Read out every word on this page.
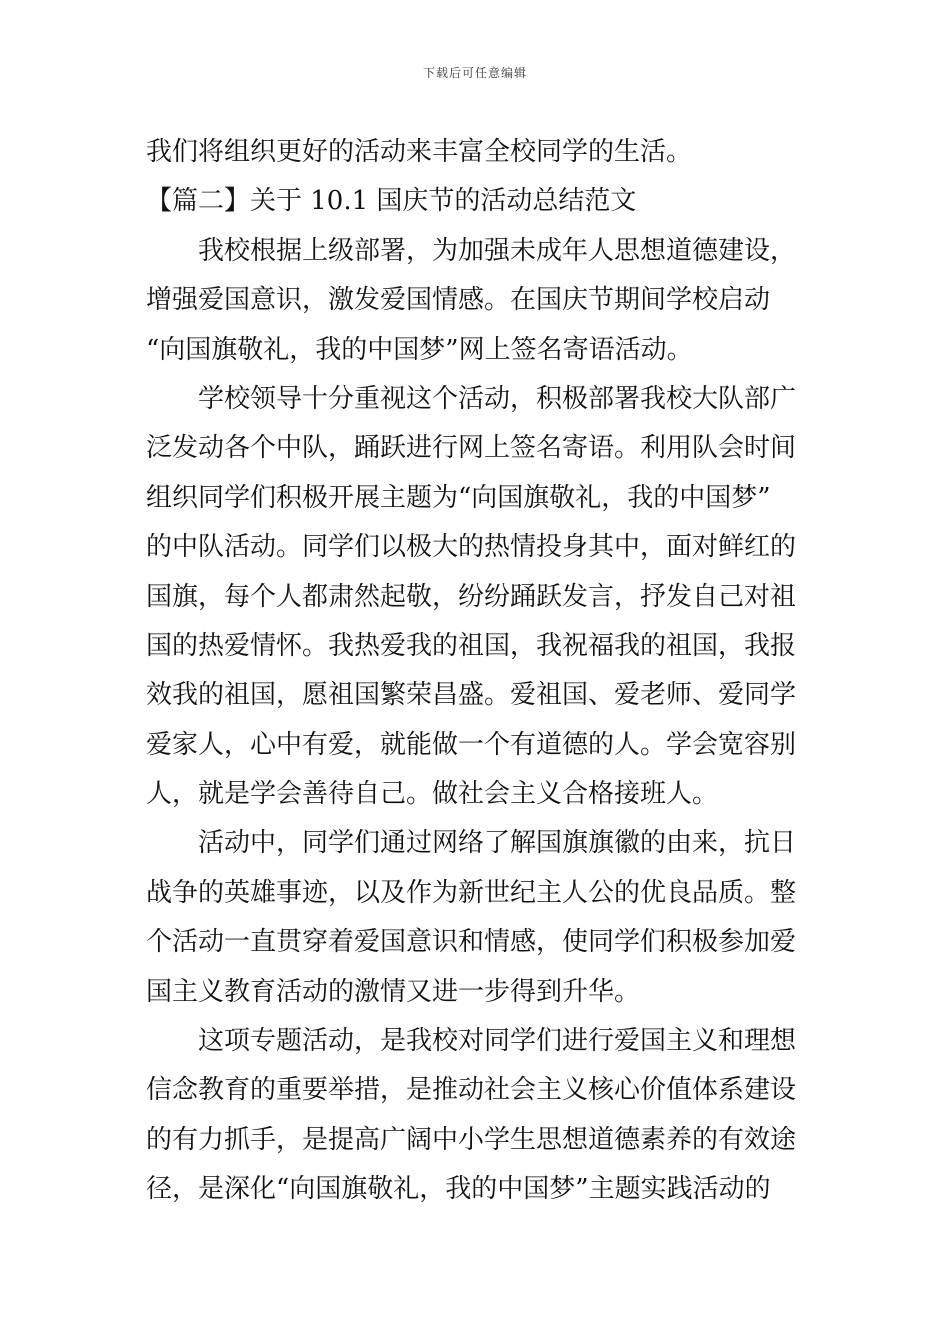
下载后可任意编辑
我们将组织更好的活动来丰富全校同学的生活。
【篇二】关于 10.1 国庆节的活动总结范文
我校根据上级部署，为加强未成年人思想道德建设，
增强爱国意识，激发爱国情感。在国庆节期间学校启动
“向国旗敬礼，我的中国梦”网上签名寄语活动。
学校领导十分重视这个活动，积极部署我校大队部广
泛发动各个中队，踊跃进行网上签名寄语。利用队会时间
组织同学们积极开展主题为“向国旗敬礼，我的中国梦”
的中队活动。同学们以极大的热情投身其中，面对鲜红的
国旗，每个人都肃然起敬，纷纷踊跃发言，抒发自己对祖
国的热爱情怀。我热爱我的祖国，我祝福我的祖国，我报
效我的祖国，愿祖国繁荣昌盛。爱祖国、爱老师、爱同学
爱家人，心中有爱，就能做一个有道德的人。学会宽容别
人，就是学会善待自己。做社会主义合格接班人。
活动中，同学们通过网络了解国旗旗徽的由来，抗日
战争的英雄事迹，以及作为新世纪主人公的优良品质。整
个活动一直贯穿着爱国意识和情感，使同学们积极参加爱
国主义教育活动的激情又进一步得到升华。
这项专题活动，是我校对同学们进行爱国主义和理想
信念教育的重要举措，是推动社会主义核心价值体系建设
的有力抓手，是提高广阔中小学生思想道德素养的有效途
径，是深化“向国旗敬礼，我的中国梦”主题实践活动的
